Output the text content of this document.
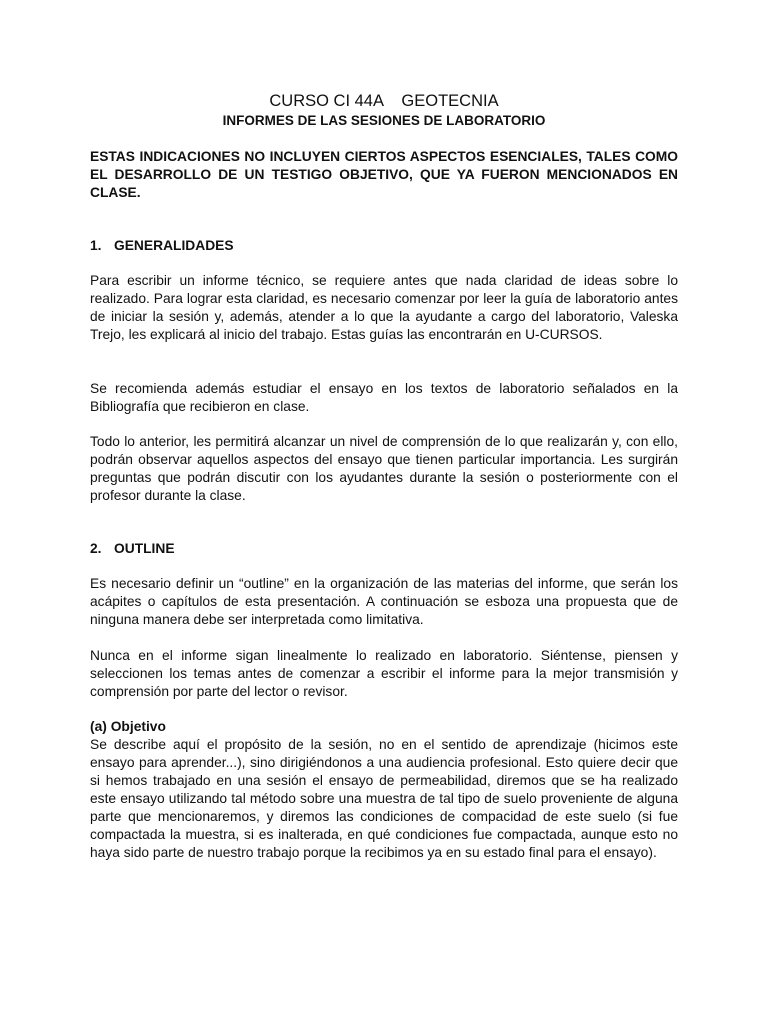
CURSO CI 44A    GEOTECNIA
INFORMES DE LAS SESIONES DE LABORATORIO

ESTAS INDICACIONES NO INCLUYEN CIERTOS ASPECTOS ESENCIALES, TALES COMO EL DESARROLLO DE UN TESTIGO OBJETIVO, QUE YA FUERON MENCIONADOS EN CLASE.

1. GENERALIDADES

Para escribir un informe técnico, se requiere antes que nada claridad de ideas sobre lo realizado. Para lograr esta claridad, es necesario comenzar por leer la guía de laboratorio antes de iniciar la sesión y, además, atender a lo que la ayudante a cargo del laboratorio, Valeska Trejo, les explicará al inicio del trabajo. Estas guías las encontrarán en U-CURSOS.

Se recomienda además estudiar el ensayo en los textos de laboratorio señalados en la Bibliografía que recibieron en clase.

Todo lo anterior, les permitirá alcanzar un nivel de comprensión de lo que realizarán y, con ello, podrán observar aquellos aspectos del ensayo que tienen particular importancia. Les surgirán preguntas que podrán discutir con los ayudantes durante la sesión o posteriormente con el profesor durante la clase.

2. OUTLINE

Es necesario definir un “outline” en la organización de las materias del informe, que serán los acápites o capítulos de esta presentación. A continuación se esboza una propuesta que de ninguna manera debe ser interpretada como limitativa.

Nunca en el informe sigan linealmente lo realizado en laboratorio. Siéntense, piensen y seleccionen los temas antes de comenzar a escribir el informe para la mejor transmisión y comprensión por parte del lector o revisor.

(a) Objetivo

Se describe aquí el propósito de la sesión, no en el sentido de aprendizaje (hicimos este ensayo para aprender...), sino dirigiéndonos a una audiencia profesional. Esto quiere decir que si hemos trabajado en una sesión el ensayo de permeabilidad, diremos que se ha realizado este ensayo utilizando tal método sobre una muestra de tal tipo de suelo proveniente de alguna parte que mencionaremos, y diremos las condiciones de compacidad de este suelo (si fue compactada la muestra, si es inalterada, en qué condiciones fue compactada, aunque esto no haya sido parte de nuestro trabajo porque la recibimos ya en su estado final para el ensayo).
